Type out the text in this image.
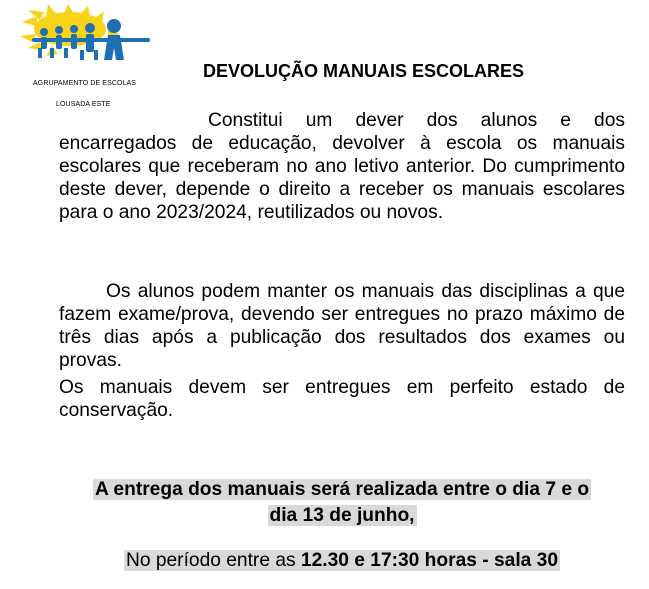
AGRUPAMENTO DE ESCOLAS
LOUSADA ESTE
DEVOLUÇÃO MANUAIS ESCOLARES

Constitui um dever dos alunos e dos encarregados de educação, devolver à escola os manuais escolares que receberam no ano letivo anterior. Do cumprimento deste dever, depende o direito a receber os manuais escolares para o ano 2023/2024, reutilizados ou novos.

Os alunos podem manter os manuais das disciplinas a que fazem exame/prova, devendo ser entregues no prazo máximo de três dias após a publicação dos resultados dos exames ou provas.

Os manuais devem ser entregues em perfeito estado de conservação.

A entrega dos manuais será realizada entre o dia 7 e o
dia 13 de junho,

No período entre as 12.30 e 17:30 horas - sala 30
